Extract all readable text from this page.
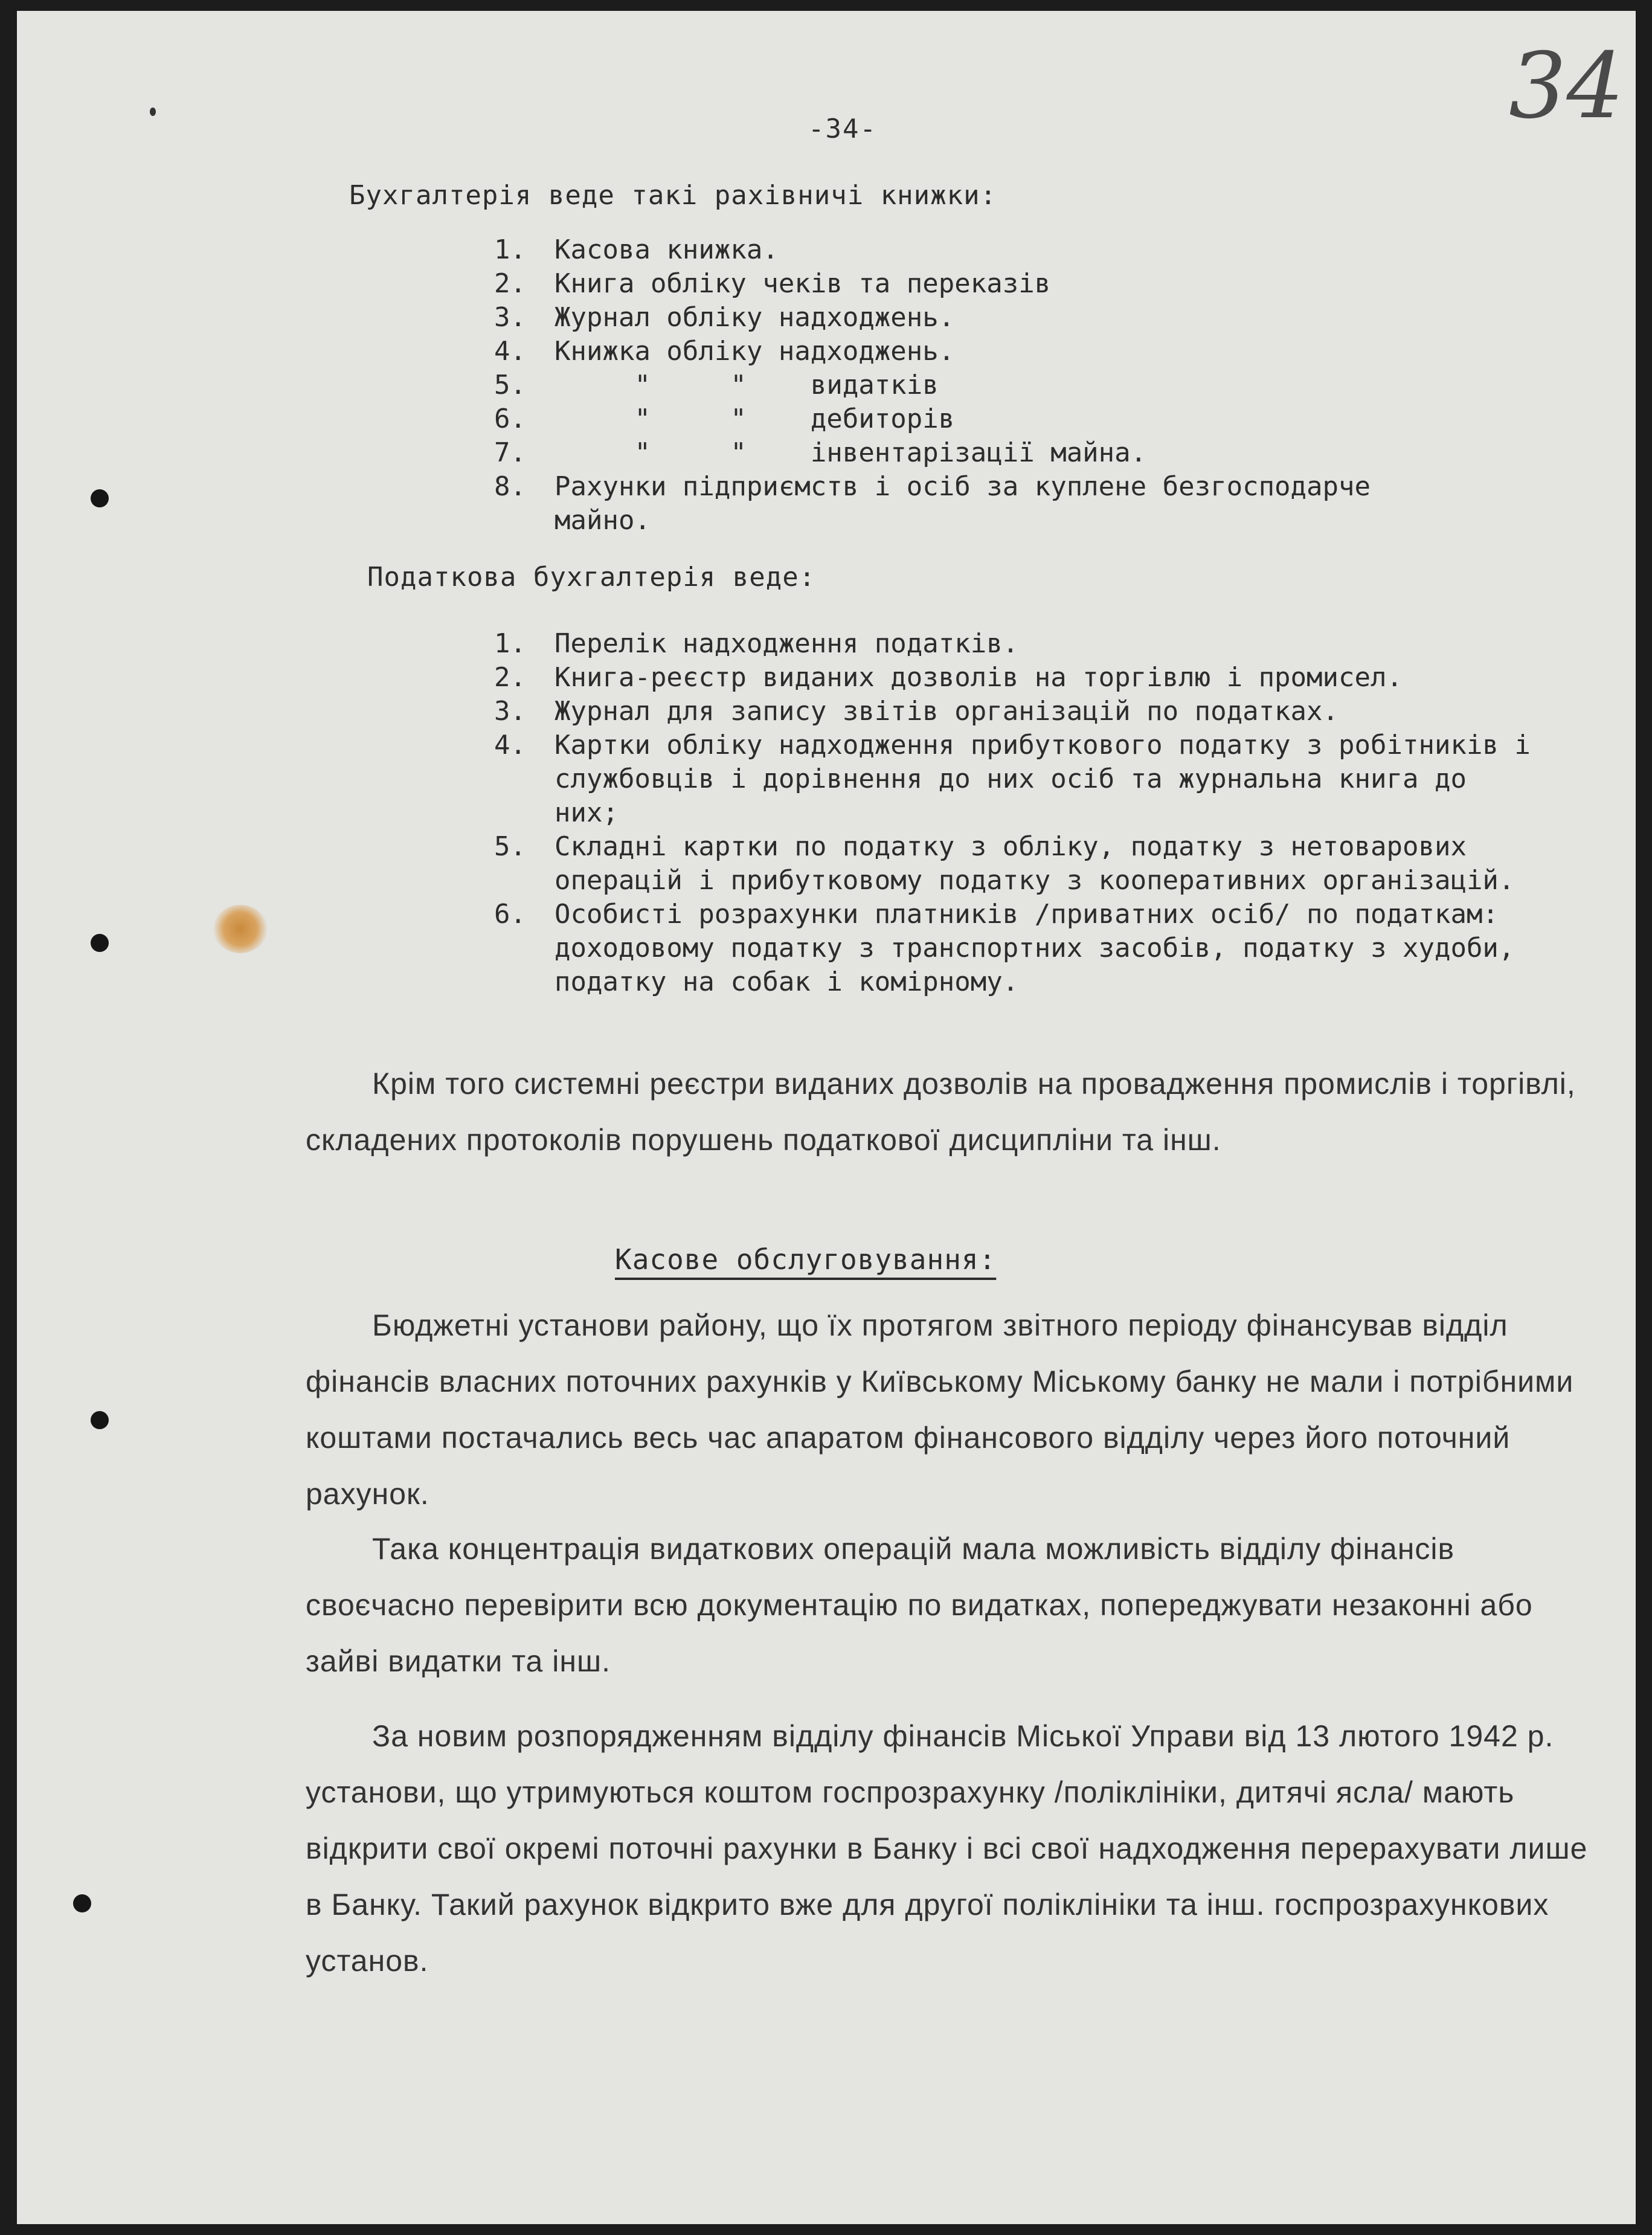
-34-	34
Бухгалтерія веде такі рахівничі книжки:
1.	Касова книжка.
2.	Книга обліку чеків та переказів
3.	Журнал обліку надходжень.
4.	Книжка обліку надходжень.
5.	"     "    видатків
6.	"     "    дебиторів
7.	"     "    інвентарізації майна.
8.	Рахунки підприємств і осіб за куплене безгосподарче
майно.
Податкова бухгалтерія веде:
1.	Перелік надходження податків.
2.	Книга-реєстр виданих дозволів на торгівлю і промисел.
3.	Журнал для запису звітів організацій по податках.
4.	Картки обліку надходження прибуткового податку з робітників і службовців і дорівнення до них осіб та журнальна книга до них;
5.	Складні картки по податку з обліку, податку з нетоварових операцій і прибутковому податку з кооперативних організацій.
6.	Особисті розрахунки платників /приватних осіб/ по податкам: доходовому податку з транспортних засобів, податку з худоби, податку на собак і комірному.

Крім того системні реєстри виданих дозволів на провадження промислів і торгівлі, складених протоколів порушень податкової дисципліни та інш.

Касове обслуговування:

Бюджетні установи району, що їх протягом звітного періоду фінансував відділ фінансів власних поточних рахунків у Київському Міському банку не мали і потрібними коштами постачались весь час апаратом фінансового відділу через його поточний рахунок.

Така концентрація видаткових операцій мала можливість відділу фінансів своєчасно перевірити всю документацію по видатках, попереджувати незаконні або зайві видатки та інш.

За новим розпорядженням відділу фінансів Міської Управи від 13 лютого 1942 р. установи, що утримуються коштом госпрозрахунку /поліклініки, дитячі ясла/ мають відкрити свої окремі поточні рахунки в Банку і всі свої надходження перерахувати лише в Банку. Такий рахунок відкрито вже для другої поліклініки та інш. госпрозрахункових установ.
